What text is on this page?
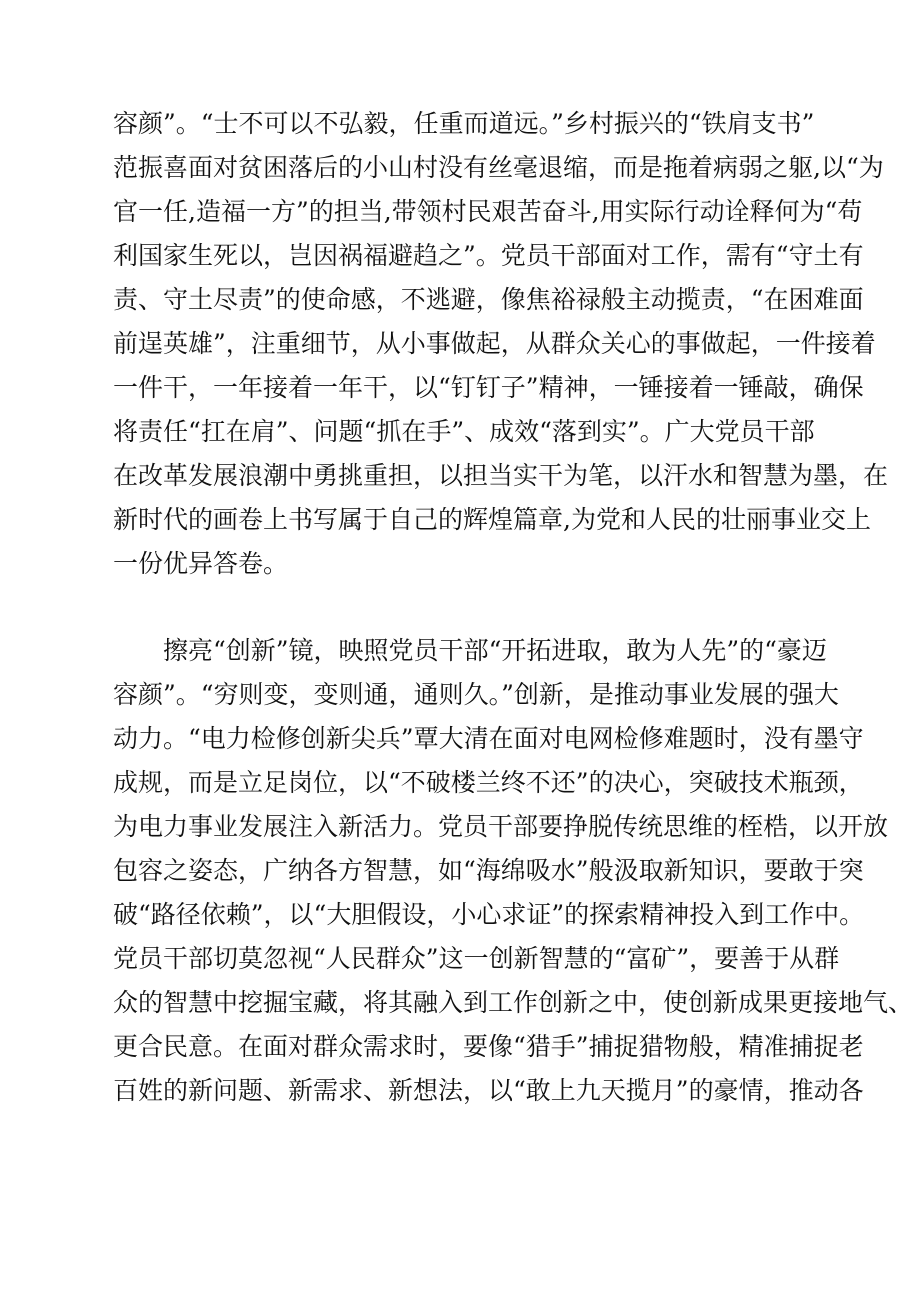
容颜”。“士不可以不弘毅，任重而道远。”乡村振兴的“铁肩支书”
范振喜面对贫困落后的小山村没有丝毫退缩，而是拖着病弱之躯,以“为
官一任,造福一方”的担当,带领村民艰苦奋斗,用实际行动诠释何为“苟
利国家生死以，岂因祸福避趋之”。党员干部面对工作，需有“守土有
责、守土尽责”的使命感，不逃避，像焦裕禄般主动揽责，“在困难面
前逞英雄”，注重细节，从小事做起，从群众关心的事做起，一件接着
一件干，一年接着一年干，以“钉钉子”精神，一锤接着一锤敲，确保
将责任“扛在肩”、问题“抓在手”、成效“落到实”。广大党员干部
在改革发展浪潮中勇挑重担，以担当实干为笔，以汗水和智慧为墨，在
新时代的画卷上书写属于自己的辉煌篇章,为党和人民的壮丽事业交上
一份优异答卷。
擦亮“创新”镜，映照党员干部“开拓进取，敢为人先”的“豪迈
容颜”。“穷则变，变则通，通则久。”创新，是推动事业发展的强大
动力。“电力检修创新尖兵”覃大清在面对电网检修难题时，没有墨守
成规，而是立足岗位，以“不破楼兰终不还”的决心，突破技术瓶颈，
为电力事业发展注入新活力。党员干部要挣脱传统思维的桎梏，以开放
包容之姿态，广纳各方智慧，如“海绵吸水”般汲取新知识，要敢于突
破“路径依赖”，以“大胆假设，小心求证”的探索精神投入到工作中。
党员干部切莫忽视“人民群众”这一创新智慧的“富矿”，要善于从群
众的智慧中挖掘宝藏，将其融入到工作创新之中，使创新成果更接地气、
更合民意。在面对群众需求时，要像“猎手”捕捉猎物般，精准捕捉老
百姓的新问题、新需求、新想法，以“敢上九天揽月”的豪情，推动各
